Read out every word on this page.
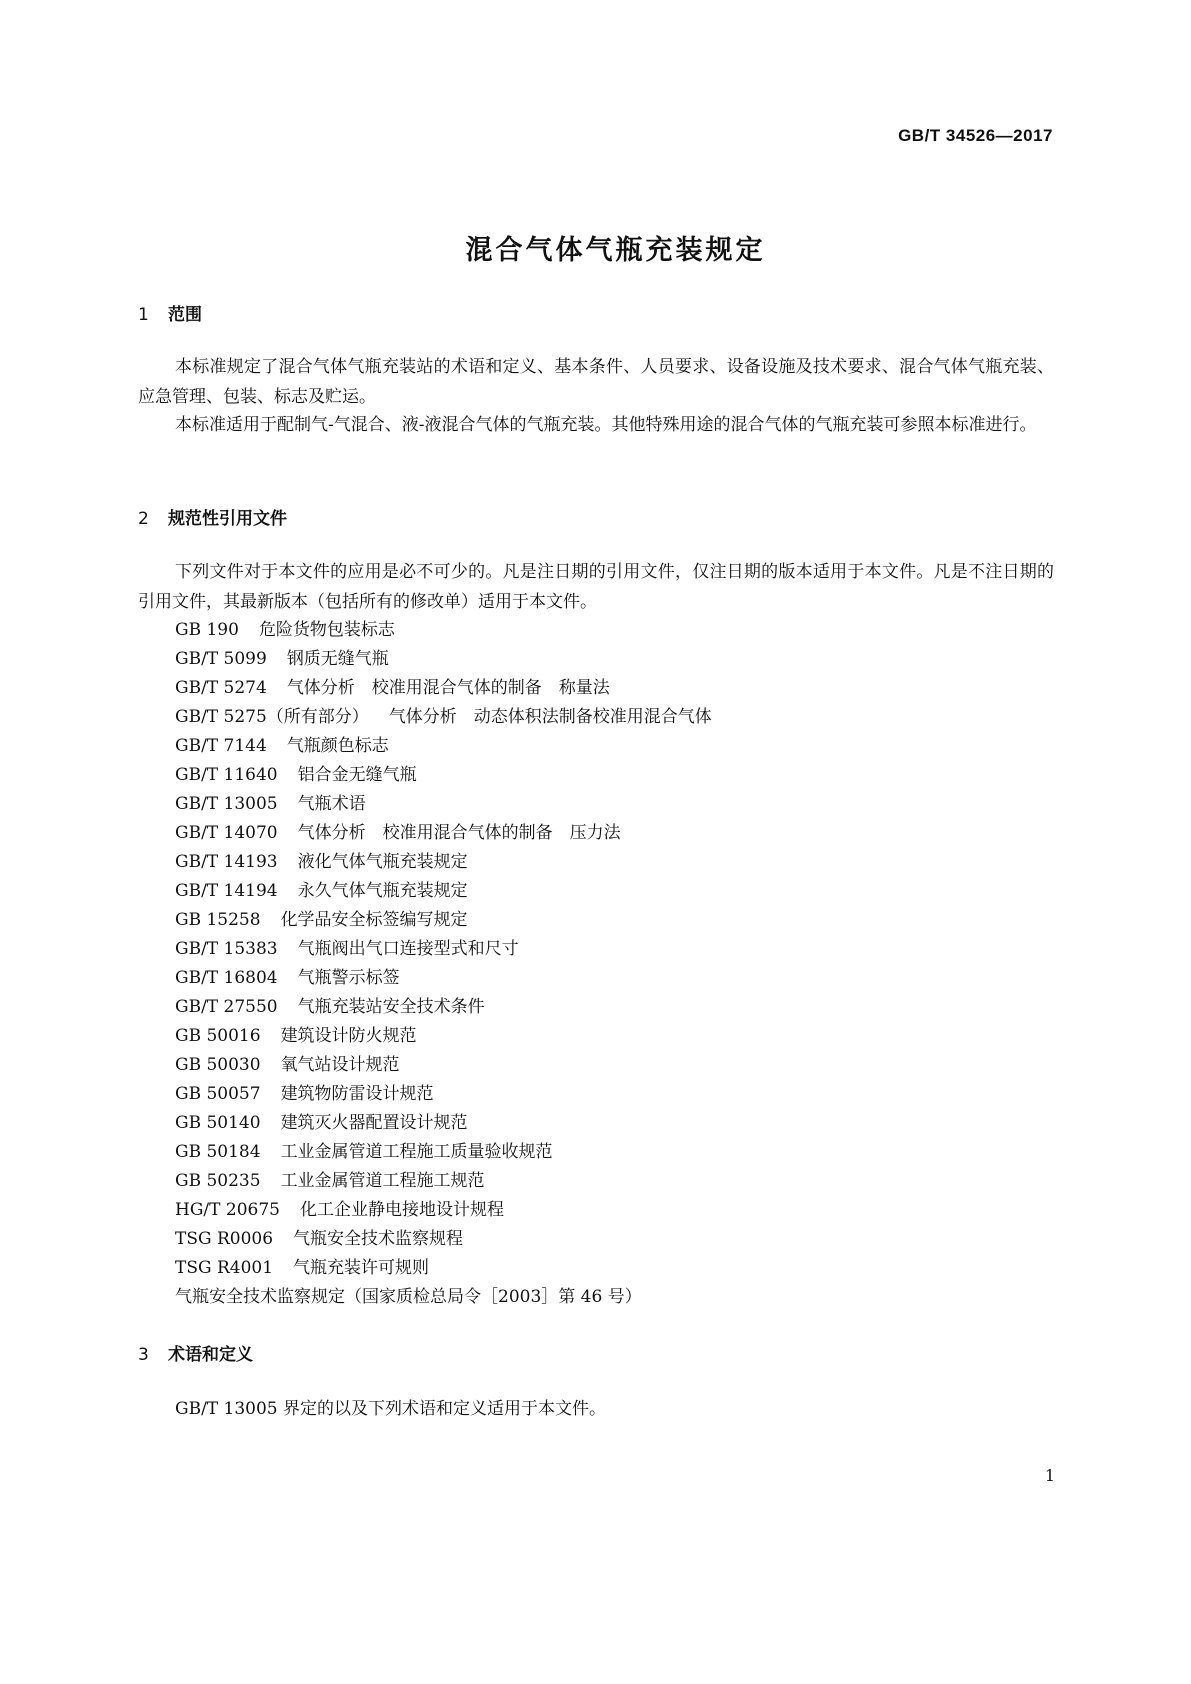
GB/T 34526—2017
混合气体气瓶充装规定
1 范围

本标准规定了混合气体气瓶充装站的术语和定义、基本条件、人员要求、设备设施及技术要求、混合气体气瓶充装、应急管理、包装、标志及贮运。

本标准适用于配制气-气混合、液-液混合气体的气瓶充装。其他特殊用途的混合气体的气瓶充装可参照本标准进行。

2 规范性引用文件

下列文件对于本文件的应用是必不可少的。凡是注日期的引用文件，仅注日期的版本适用于本文件。凡是不注日期的引用文件，其最新版本（包括所有的修改单）适用于本文件。

GB 190 危险货物包装标志
GB/T 5099 钢质无缝气瓶
GB/T 5274 气体分析　校准用混合气体的制备　称量法
GB/T 5275（所有部分） 气体分析　动态体积法制备校准用混合气体
GB/T 7144 气瓶颜色标志
GB/T 11640 铝合金无缝气瓶
GB/T 13005 气瓶术语
GB/T 14070 气体分析　校准用混合气体的制备　压力法
GB/T 14193 液化气体气瓶充装规定
GB/T 14194 永久气体气瓶充装规定
GB 15258 化学品安全标签编写规定
GB/T 15383 气瓶阀出气口连接型式和尺寸
GB/T 16804 气瓶警示标签
GB/T 27550 气瓶充装站安全技术条件
GB 50016 建筑设计防火规范
GB 50030 氧气站设计规范
GB 50057 建筑物防雷设计规范
GB 50140 建筑灭火器配置设计规范
GB 50184 工业金属管道工程施工质量验收规范
GB 50235 工业金属管道工程施工规范
HG/T 20675 化工企业静电接地设计规程
TSG R0006 气瓶安全技术监察规程
TSG R4001 气瓶充装许可规则
气瓶安全技术监察规定（国家质检总局令［2003］第 46 号）
3 术语和定义

GB/T 13005 界定的以及下列术语和定义适用于本文件。

1
